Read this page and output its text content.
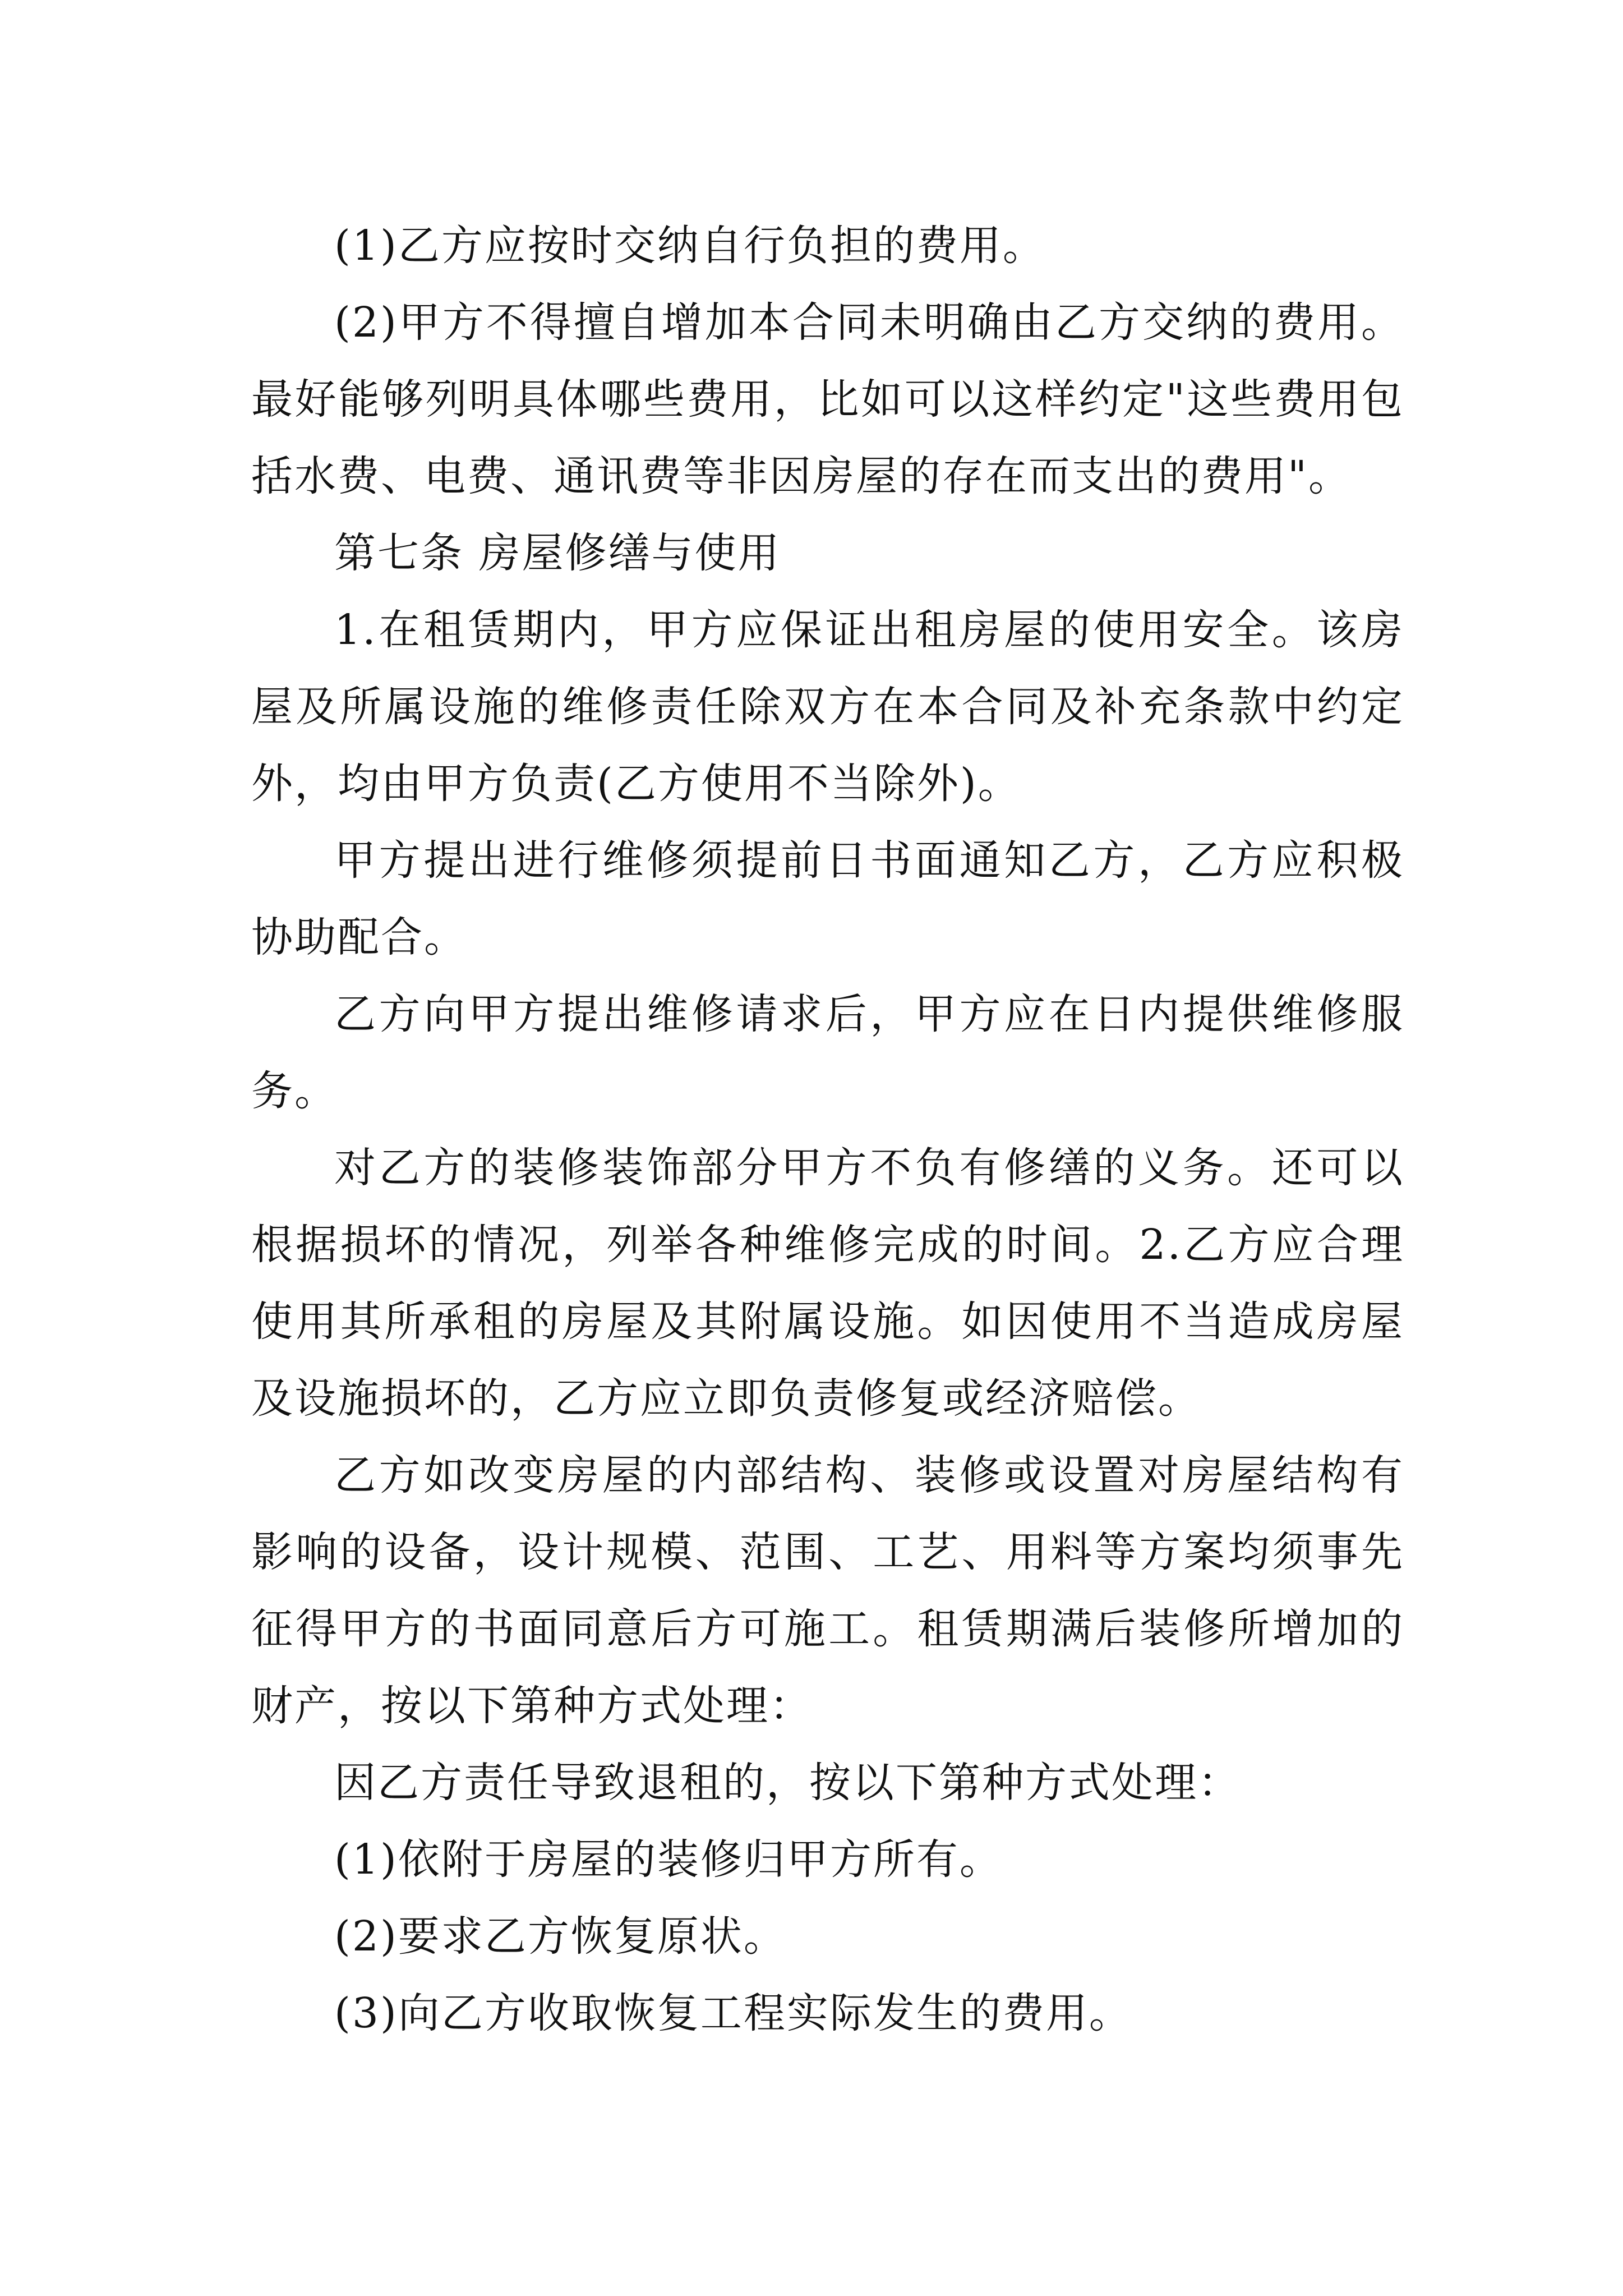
(1)乙方应按时交纳自行负担的费用。

(2)甲方不得擅自增加本合同未明确由乙方交纳的费用。最好能够列明具体哪些费用，比如可以这样约定"这些费用包括水费、电费、通讯费等非因房屋的存在而支出的费用"。

第七条 房屋修缮与使用

1.在租赁期内，甲方应保证出租房屋的使用安全。该房屋及所属设施的维修责任除双方在本合同及补充条款中约定外，均由甲方负责(乙方使用不当除外)。

甲方提出进行维修须提前日书面通知乙方，乙方应积极协助配合。

乙方向甲方提出维修请求后，甲方应在日内提供维修服务。

对乙方的装修装饰部分甲方不负有修缮的义务。还可以根据损坏的情况，列举各种维修完成的时间。2.乙方应合理使用其所承租的房屋及其附属设施。如因使用不当造成房屋及设施损坏的，乙方应立即负责修复或经济赔偿。

乙方如改变房屋的内部结构、装修或设置对房屋结构有影响的设备，设计规模、范围、工艺、用料等方案均须事先征得甲方的书面同意后方可施工。租赁期满后装修所增加的财产，按以下第种方式处理：

因乙方责任导致退租的，按以下第种方式处理：

(1)依附于房屋的装修归甲方所有。

(2)要求乙方恢复原状。

(3)向乙方收取恢复工程实际发生的费用。
